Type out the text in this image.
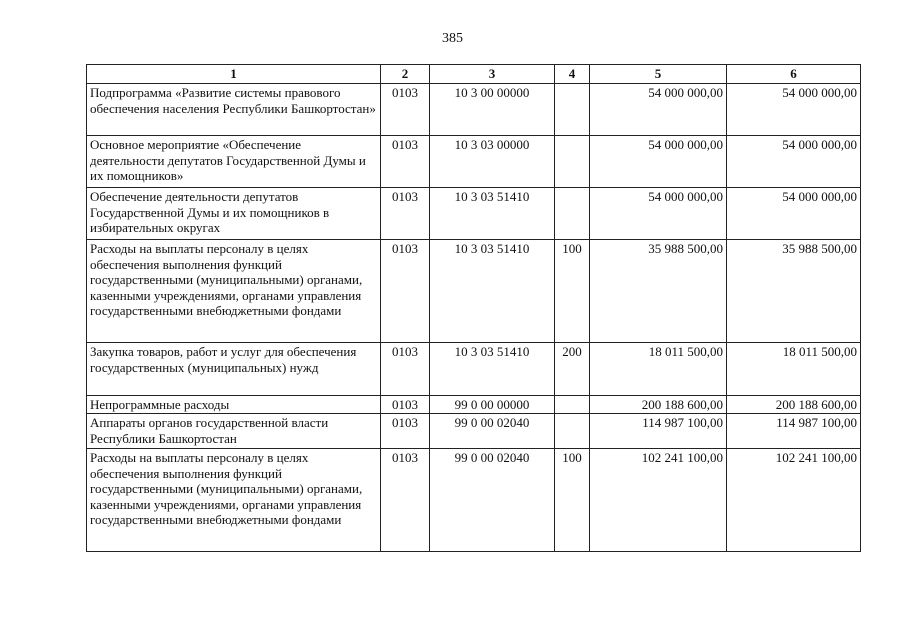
385
1	2	3	4	5	6
Подпрограмма «Развитие системы правового обеспечения населения Республики Башкортостан»	0103	10 3 00 00000		54 000 000,00	54 000 000,00
Основное мероприятие «Обеспечение деятельности депутатов Государственной Думы и их помощников»	0103	10 3 03 00000		54 000 000,00	54 000 000,00
Обеспечение деятельности депутатов Государственной Думы и их помощников в избирательных округах	0103	10 3 03 51410		54 000 000,00	54 000 000,00
Расходы на выплаты персоналу в целях обеспечения выполнения функций государственными (муниципальными) органами, казенными учреждениями, органами управления государственными внебюджетными фондами	0103	10 3 03 51410	100	35 988 500,00	35 988 500,00
Закупка товаров, работ и услуг для обеспечения государственных (муниципальных) нужд	0103	10 3 03 51410	200	18 011 500,00	18 011 500,00
Непрограммные расходы	0103	99 0 00 00000		200 188 600,00	200 188 600,00
Аппараты органов государственной власти Республики Башкортостан	0103	99 0 00 02040		114 987 100,00	114 987 100,00
Расходы на выплаты персоналу в целях обеспечения выполнения функций государственными (муниципальными) органами, казенными учреждениями, органами управления государственными внебюджетными фондами	0103	99 0 00 02040	100	102 241 100,00	102 241 100,00
